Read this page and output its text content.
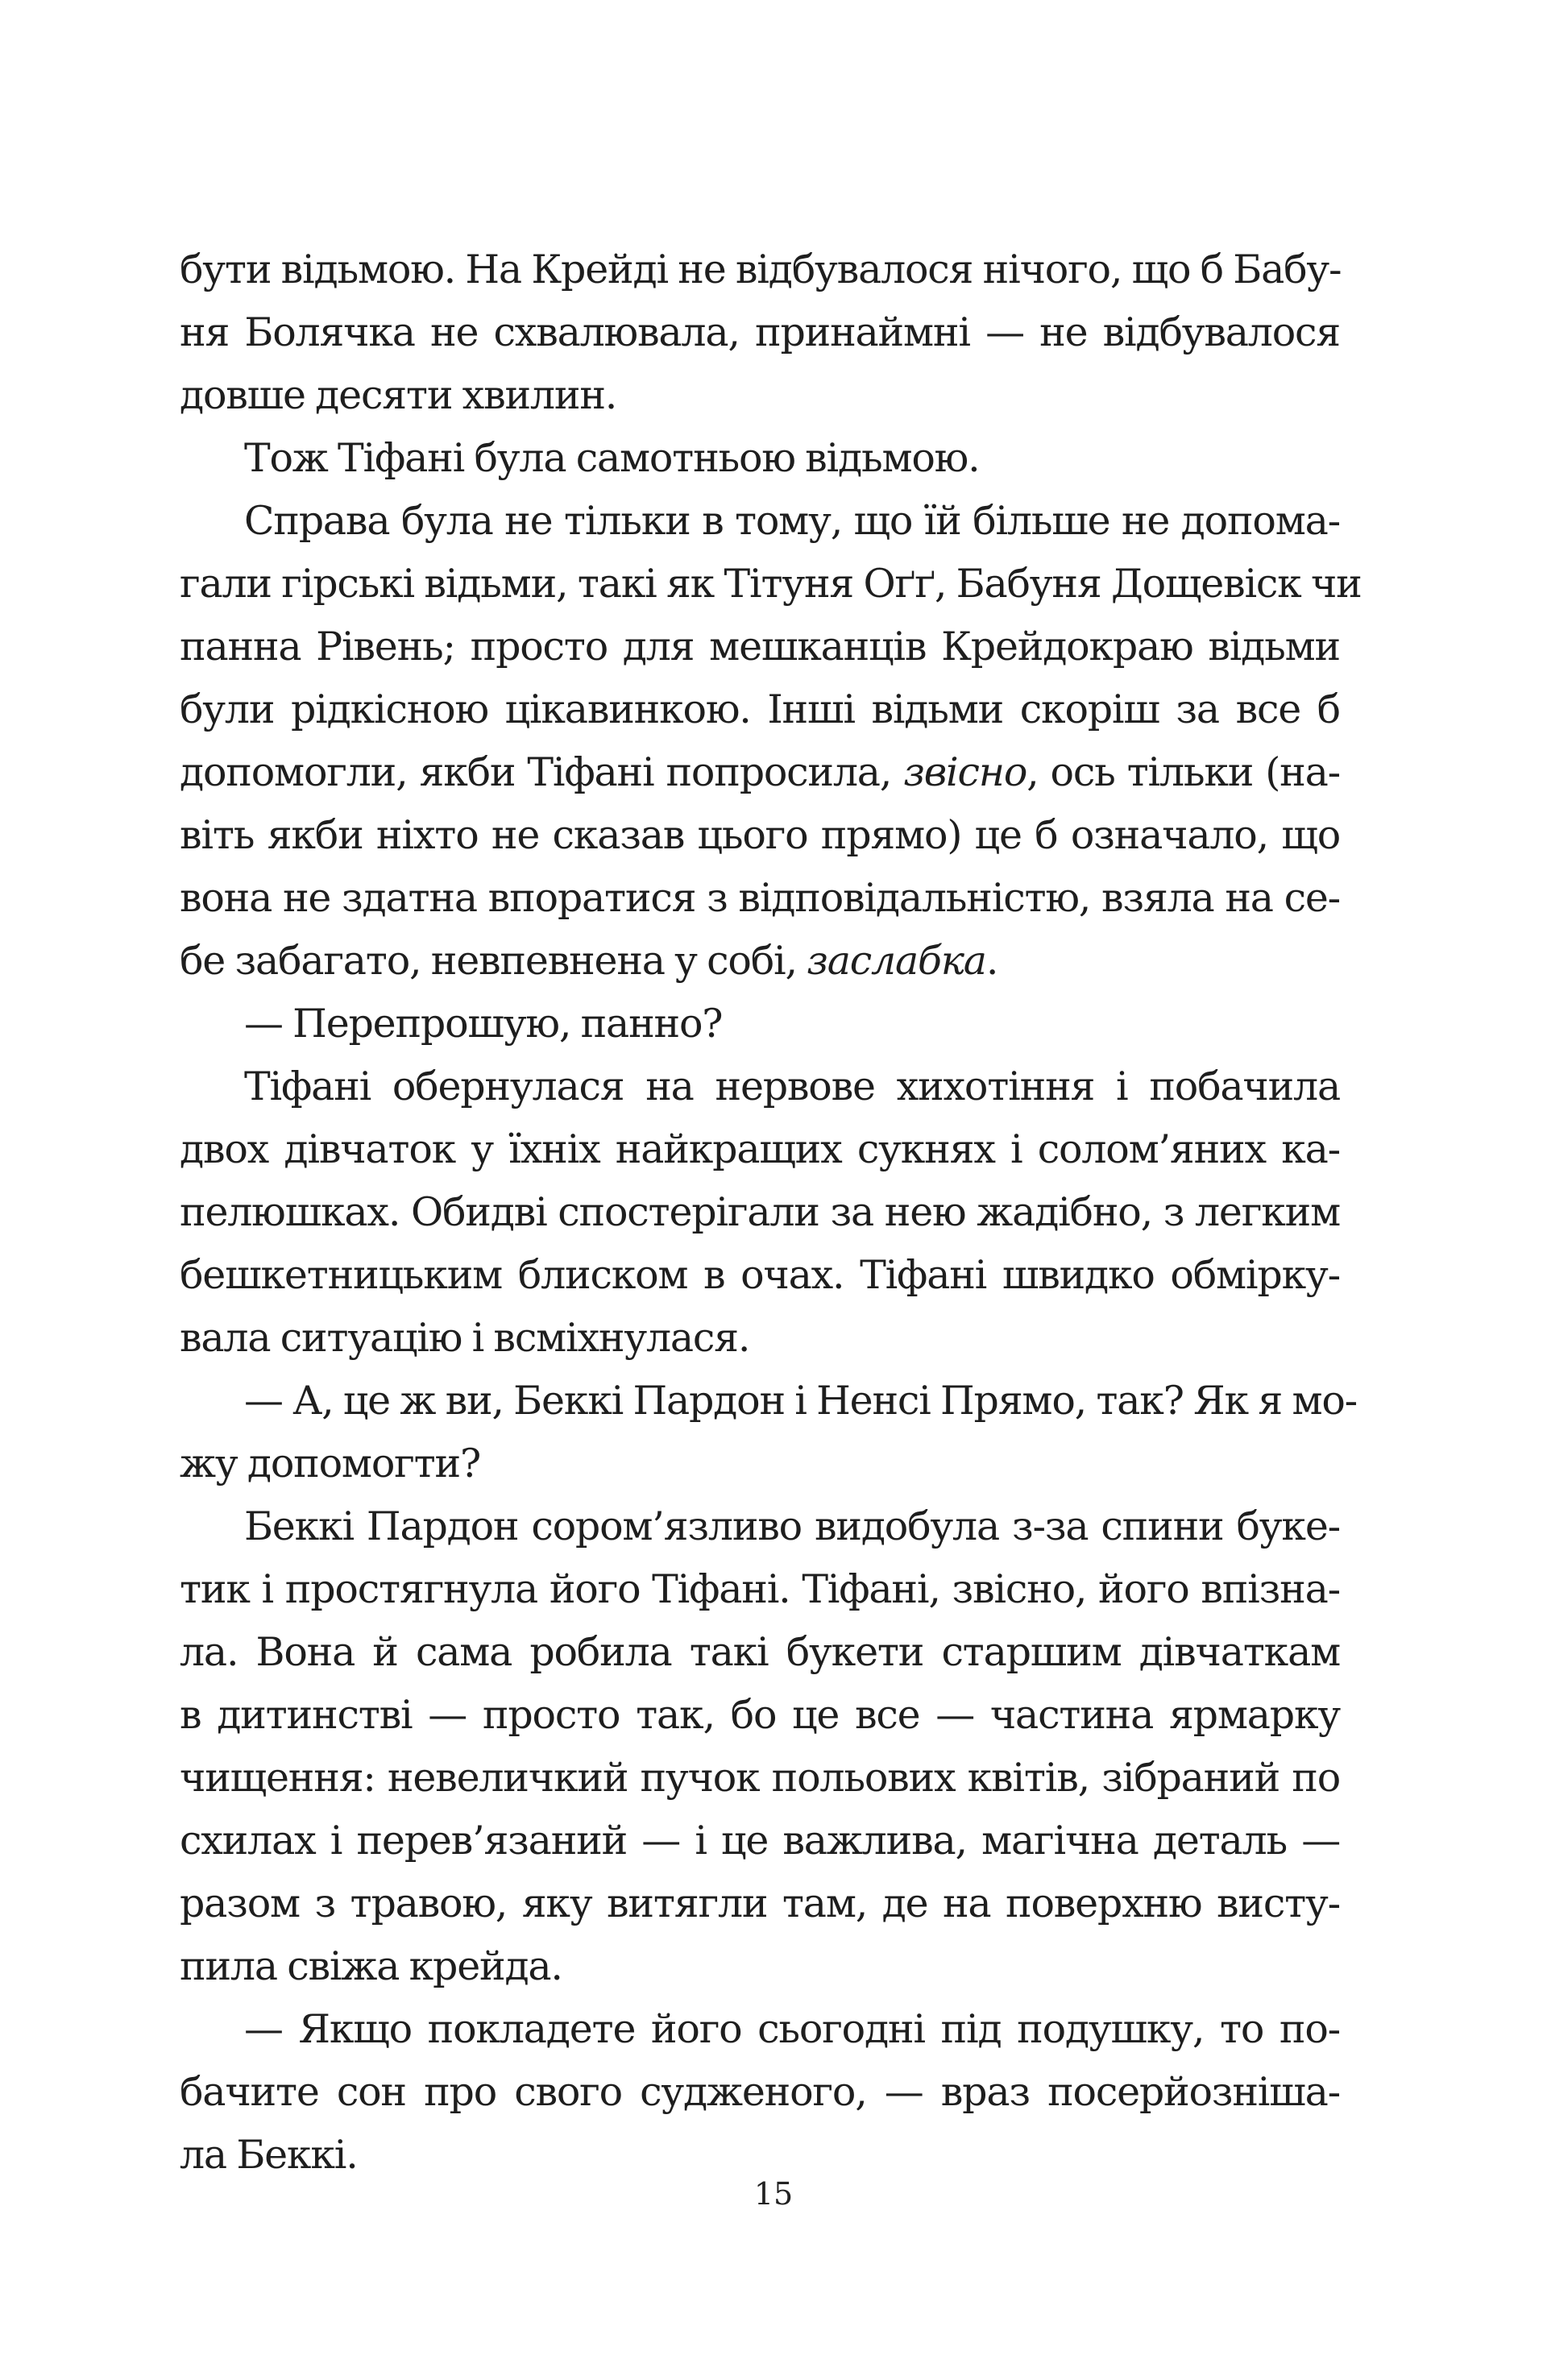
бути відьмою. На Крейді не відбувалося нічого, що б Бабу-
ня Болячка не схвалювала, принаймні — не відбувалося
довше десяти хвилин.
Тож Тіфані була самотньою відьмою.
Справа була не тільки в тому, що їй більше не допома-
гали гірські відьми, такі як Тітуня Оґґ, Бабуня Дощевіск чи
панна Рівень; просто для мешканців Крейдокраю відьми
були рідкісною цікавинкою. Інші відьми скоріш за все б
допомогли, якби Тіфані попросила, звісно, ось тільки (на-
віть якби ніхто не сказав цього прямо) це б означало, що
вона не здатна впоратися з відповідальністю, взяла на се-
бе забагато, невпевнена у собі, заслабка.
— Перепрошую, панно?
Тіфані обернулася на нервове хихотіння і побачила
двох дівчаток у їхніх найкращих сукнях і солом’яних ка-
пелюшках. Обидві спостерігали за нею жадібно, з легким
бешкетницьким блиском в очах. Тіфані швидко обмірку-
вала ситуацію і всміхнулася.
— А, це ж ви, Беккі Пардон і Ненсі Прямо, так? Як я мо-
жу допомогти?
Беккі Пардон сором’язливо видобула з-за спини буке-
тик і простягнула його Тіфані. Тіфані, звісно, його впізна-
ла. Вона й сама робила такі букети старшим дівчаткам
в дитинстві — просто так, бо це все — частина ярмарку
чищення: невеличкий пучок польових квітів, зібраний по
схилах і перев’язаний — і це важлива, магічна деталь —
разом з травою, яку витягли там, де на поверхню висту-
пила свіжа крейда.
— Якщо покладете його сьогодні під подушку, то по-
бачите сон про свого судженого, — враз посерйознiша-
ла Беккі.
15
